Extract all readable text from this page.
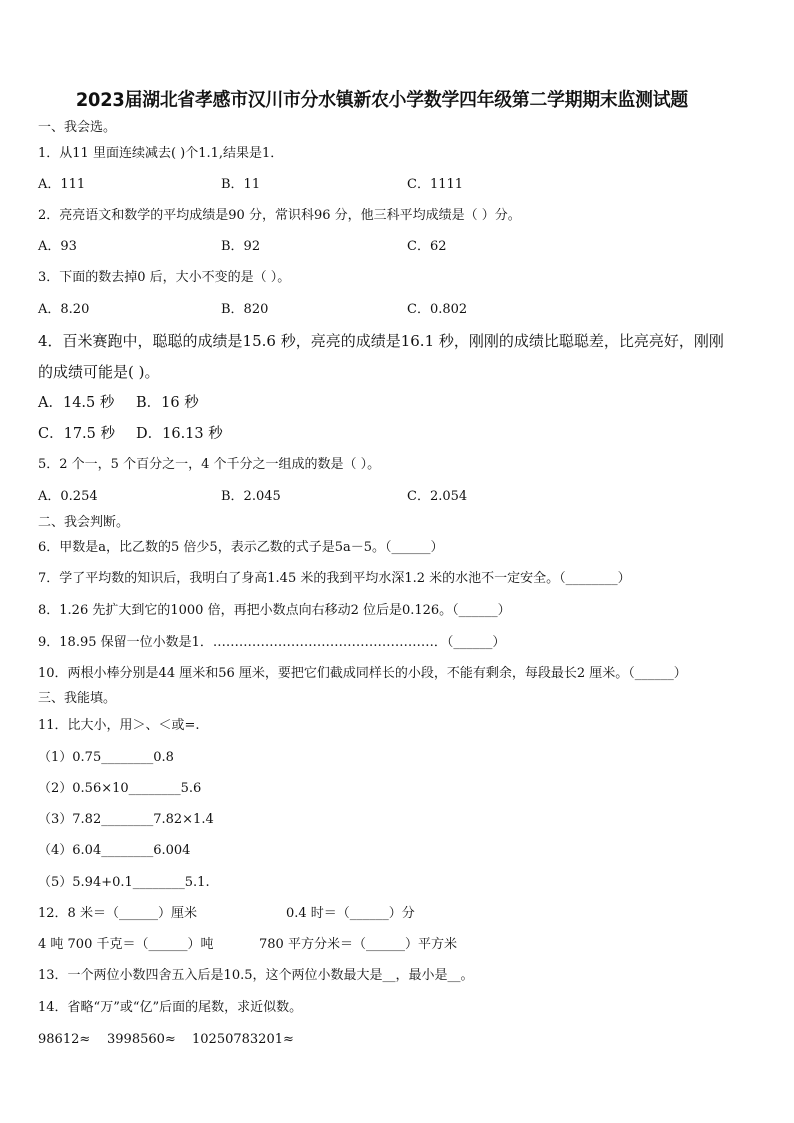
2023届湖北省孝感市汉川市分水镇新农小学数学四年级第二学期期末监测试题
一、我会选。
1．从11 里面连续减去( )个1.1,结果是1．
A．111	B．11	C．1111
2．亮亮语文和数学的平均成绩是90 分，常识科96 分，他三科平均成绩是（ ）分。
A．93	B．92	C．62
3．下面的数去掉0 后，大小不变的是（ ）。
A．8.20	B．820	C．0.802
4．百米赛跑中，聪聪的成绩是15.6 秒，亮亮的成绩是16.1 秒，刚刚的成绩比聪聪差，比亮亮好，刚刚
的成绩可能是( )。
A．14.5 秒 B．16 秒
C．17.5 秒 D．16.13 秒
5．2 个一，5 个百分之一，4 个千分之一组成的数是（ ）。
A．0.254	B．2.045	C．2.054
二、我会判断。
6．甲数是a，比乙数的5 倍少5，表示乙数的式子是5a－5。（______）
7．学了平均数的知识后，我明白了身高1.45 米的我到平均水深1.2 米的水池不一定安全。（________）
8．1.26 先扩大到它的1000 倍，再把小数点向右移动2 位后是0.126。（______）
9．18.95 保留一位小数是1．……………………………………………．（______）
10．两根小棒分别是44 厘米和56 厘米，要把它们截成同样长的小段，不能有剩余，每段最长2 厘米。（______）
三、我能填。
11．比大小，用＞、＜或=.
（1）0.75________0.8
（2）0.56×10________5.6
（3）7.82________7.82×1.4
（4）6.04________6.004
（5）5.94+0.1________5.1.
12．8 米＝（______）厘米	0.4 时＝（______）分
4 吨 700 千克＝（______）吨	780 平方分米＝（______）平方米
13．一个两位小数四舍五入后是10.5，这个两位小数最大是__，最小是__。
14．省略“万”或“亿”后面的尾数，求近似数。
98612≈ 3998560≈ 10250783201≈
